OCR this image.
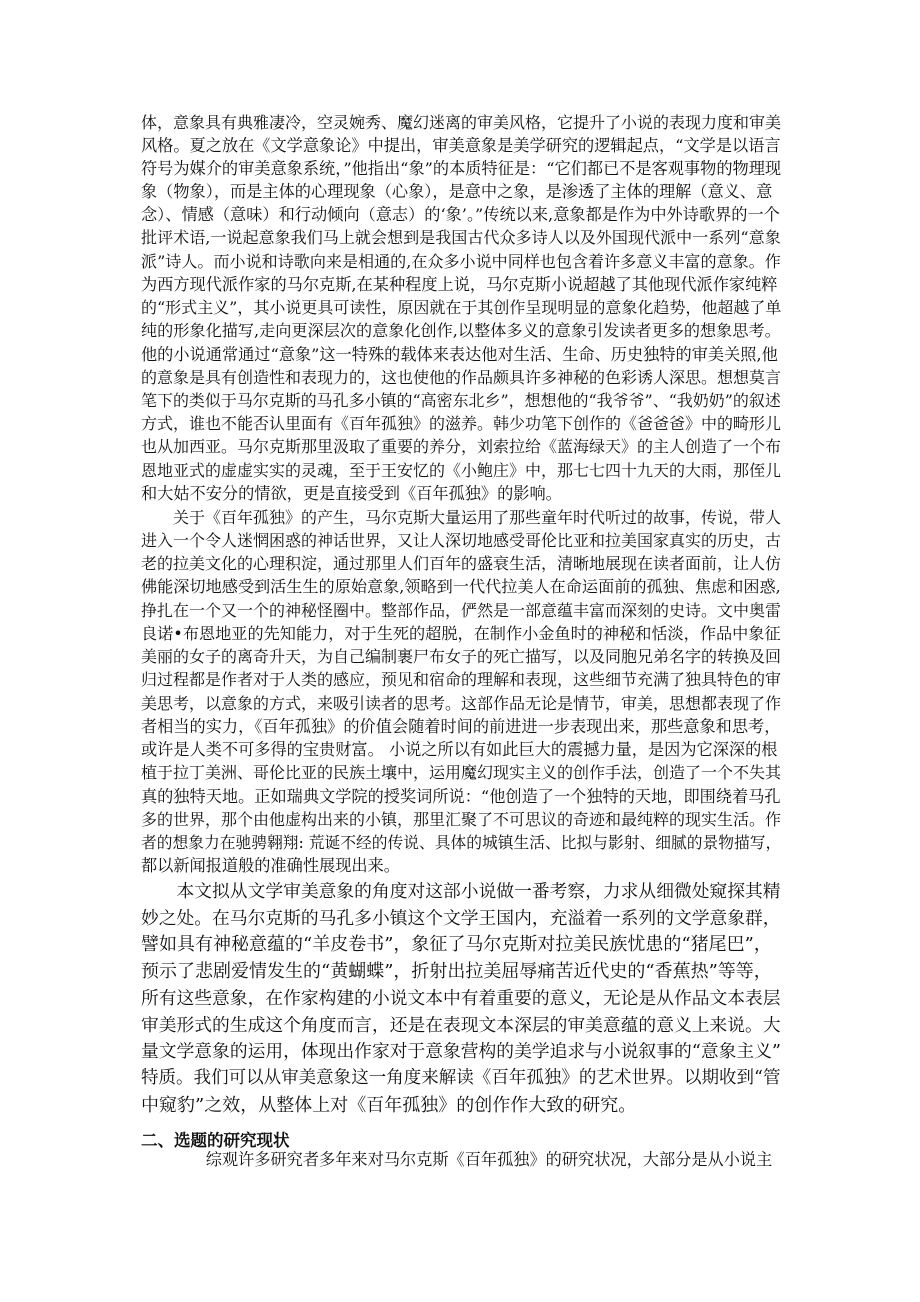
体，意象具有典雅凄冷，空灵婉秀、魔幻迷离的审美风格，它提升了小说的表现力度和审美
风格。夏之放在《文学意象论》中提出，审美意象是美学研究的逻辑起点，“文学是以语言
符号为媒介的审美意象系统，”他指出“象”的本质特征是：“它们都已不是客观事物的物理现
象（物象），而是主体的心理现象（心象），是意中之象，是渗透了主体的理解（意义、意
念）、情感（意味）和行动倾向（意志）的‘象’。”传统以来,意象都是作为中外诗歌界的一个
批评术语,一说起意象我们马上就会想到是我国古代众多诗人以及外国现代派中一系列“意象
派”诗人。而小说和诗歌向来是相通的,在众多小说中同样也包含着许多意义丰富的意象。作
为西方现代派作家的马尔克斯,在某种程度上说，马尔克斯小说超越了其他现代派作家纯粹
的“形式主义”，其小说更具可读性，原因就在于其创作呈现明显的意象化趋势，他超越了单
纯的形象化描写,走向更深层次的意象化创作,以整体多义的意象引发读者更多的想象思考。
他的小说通常通过“意象”这一特殊的载体来表达他对生活、生命、历史独特的审美关照,他
的意象是具有创造性和表现力的，这也使他的作品颇具许多神秘的色彩诱人深思。想想莫言
笔下的类似于马尔克斯的马孔多小镇的“高密东北乡”，想想他的“我爷爷”、“我奶奶”的叙述
方式，谁也不能否认里面有《百年孤独》的滋养。韩少功笔下创作的《爸爸爸》中的畸形儿
也从加西亚。马尔克斯那里汲取了重要的养分，刘索拉给《蓝海绿天》的主人创造了一个布
恩地亚式的虚虚实实的灵魂，至于王安忆的《小鲍庄》中，那七七四十九天的大雨，那侄儿
和大姑不安分的情欲，更是直接受到《百年孤独》的影响。
　　关于《百年孤独》的产生，马尔克斯大量运用了那些童年时代听过的故事，传说，带人
进入一个令人迷惘困惑的神话世界，又让人深切地感受哥伦比亚和拉美国家真实的历史，古
老的拉美文化的心理积淀，通过那里人们百年的盛衰生活，清晰地展现在读者面前，让人仿
佛能深切地感受到活生生的原始意象,领略到一代代拉美人在命运面前的孤独、焦虑和困惑,
挣扎在一个又一个的神秘怪圈中。整部作品，俨然是一部意蕴丰富而深刻的史诗。文中奥雷
良诺•布恩地亚的先知能力，对于生死的超脱，在制作小金鱼时的神秘和恬淡，作品中象征
美丽的女子的离奇升天，为自己编制裹尸布女子的死亡描写，以及同胞兄弟名字的转换及回
归过程都是作者对于人类的感应，预见和宿命的理解和表现，这些细节充满了独具特色的审
美思考，以意象的方式，来吸引读者的思考。这部作品无论是情节，审美，思想都表现了作
者相当的实力，《百年孤独》的价值会随着时间的前进进一步表现出来，那些意象和思考，
或许是人类不可多得的宝贵财富。 小说之所以有如此巨大的震撼力量，是因为它深深的根
植于拉丁美洲、哥伦比亚的民族土壤中，运用魔幻现实主义的创作手法，创造了一个不失其
真的独特天地。正如瑞典文学院的授奖词所说：“他创造了一个独特的天地，即围绕着马孔
多的世界，那个由他虚构出来的小镇，那里汇聚了不可思议的奇迹和最纯粹的现实生活。作
者的想象力在驰骋翱翔: 荒诞不经的传说、具体的城镇生活、比拟与影射、细腻的景物描写，
都以新闻报道般的准确性展现出来。
　　本文拟从文学审美意象的角度对这部小说做一番考察，力求从细微处窥探其精
妙之处。在马尔克斯的马孔多小镇这个文学王国内，充溢着一系列的文学意象群，
譬如具有神秘意蕴的“羊皮卷书”，象征了马尔克斯对拉美民族忧患的“猪尾巴”，
预示了悲剧爱情发生的“黄蝴蝶”，折射出拉美屈辱痛苦近代史的“香蕉热”等等，
所有这些意象，在作家构建的小说文本中有着重要的意义，无论是从作品文本表层
审美形式的生成这个角度而言，还是在表现文本深层的审美意蕴的意义上来说。大
量文学意象的运用，体现出作家对于意象营构的美学追求与小说叙事的“意象主义”
特质。我们可以从审美意象这一角度来解读《百年孤独》的艺术世界。以期收到“管
中窥豹”之效，从整体上对《百年孤独》的创作作大致的研究。
二、选题的研究现状
　　　　综观许多研究者多年来对马尔克斯《百年孤独》的研究状况，大部分是从小说主
